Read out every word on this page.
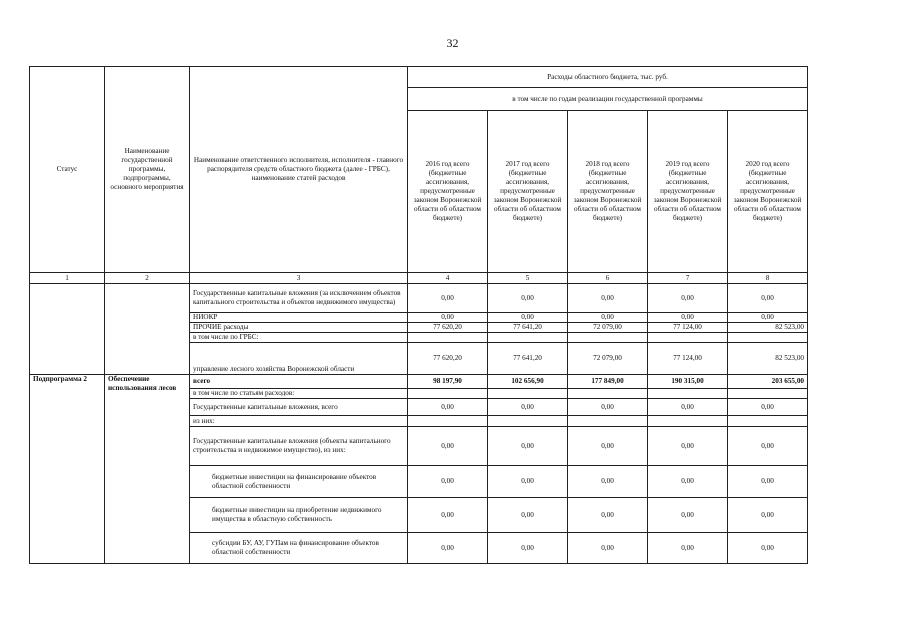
32
Статус	Наименование государственной программы, подпрограммы, основного мероприятия	Наименование ответственного исполнителя, исполнителя - главного распорядителя средств областного бюджета (далее - ГРБС), наименование статей расходов	Расходы областного бюджета, тыс. руб.				
			в том числе по годам реализации государственной программы				
			2016 год всего (бюджетные ассигнования, предусмотренные законом Воронежской области об областном бюджете)	2017 год всего (бюджетные ассигнования, предусмотренные законом Воронежской области об областном бюджете)	2018 год всего (бюджетные ассигнования, предусмотренные законом Воронежской области об областном бюджете)	2019 год всего (бюджетные ассигнования, предусмотренные законом Воронежской области об областном бюджете)	2020 год всего (бюджетные ассигнования, предусмотренные законом Воронежской области об областном бюджете)
1	2	3	4	5	6	7	8
		Государственные капитальные вложения (за исключением объектов капитального строительства и объектов недвижимого имущества)	0,00	0,00	0,00	0,00	0,00
		НИОКР	0,00	0,00	0,00	0,00	0,00
		ПРОЧИЕ расходы	77 620,20	77 641,20	72 079,00	77 124,00	82 523,00
		в том числе по ГРБС:					
		управление лесного хозяйства Воронежской области	77 620,20	77 641,20	72 079,00	77 124,00	82 523,00
Подпрограмма 2	Обеспечение использования лесов	всего	98 197,90	102 656,90	177 849,00	190 315,00	203 655,00
		в том числе по статьям расходов:					
		Государственные капитальные вложения, всего	0,00	0,00	0,00	0,00	0,00
		из них:					
		Государственные капитальные вложения (объекты капитального строительства и недвижимое имущество), из них:	0,00	0,00	0,00	0,00	0,00
		бюджетные инвестиции на финансирование объектов областной собственности	0,00	0,00	0,00	0,00	0,00
		бюджетные инвестиции на приобретение недвижимого имущества в областную собственность	0,00	0,00	0,00	0,00	0,00
		субсидии БУ, АУ, ГУПам на финансирование объектов областной собственности	0,00	0,00	0,00	0,00	0,00
